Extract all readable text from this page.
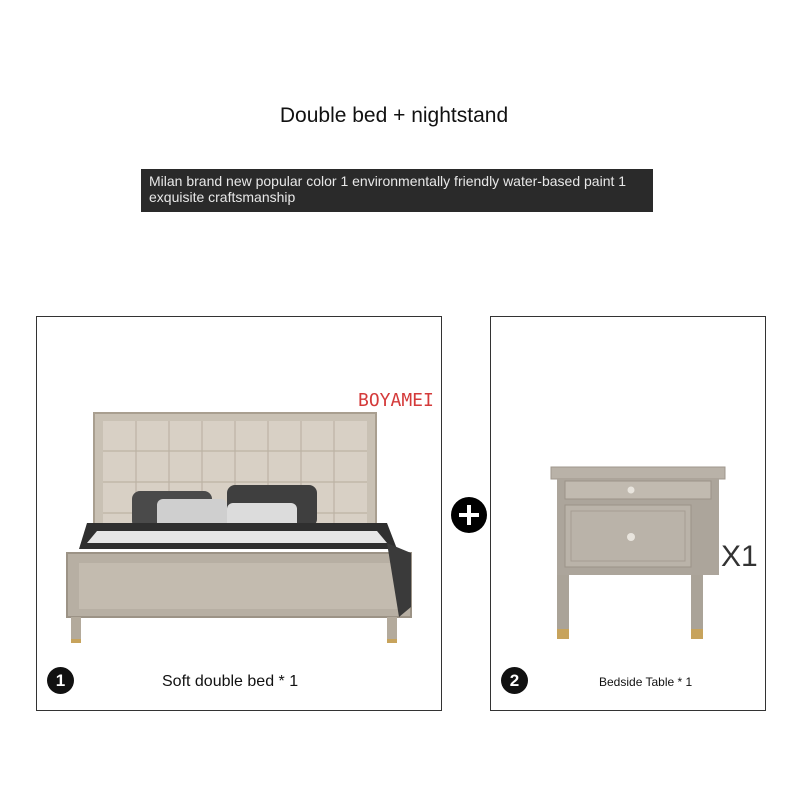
Double bed + nightstand
Milan brand new popular color 1 environmentally friendly water-based paint 1 exquisite craftsmanship
BOYAMEI
1	Soft double bed * 1
X1
2	Bedside Table * 1
